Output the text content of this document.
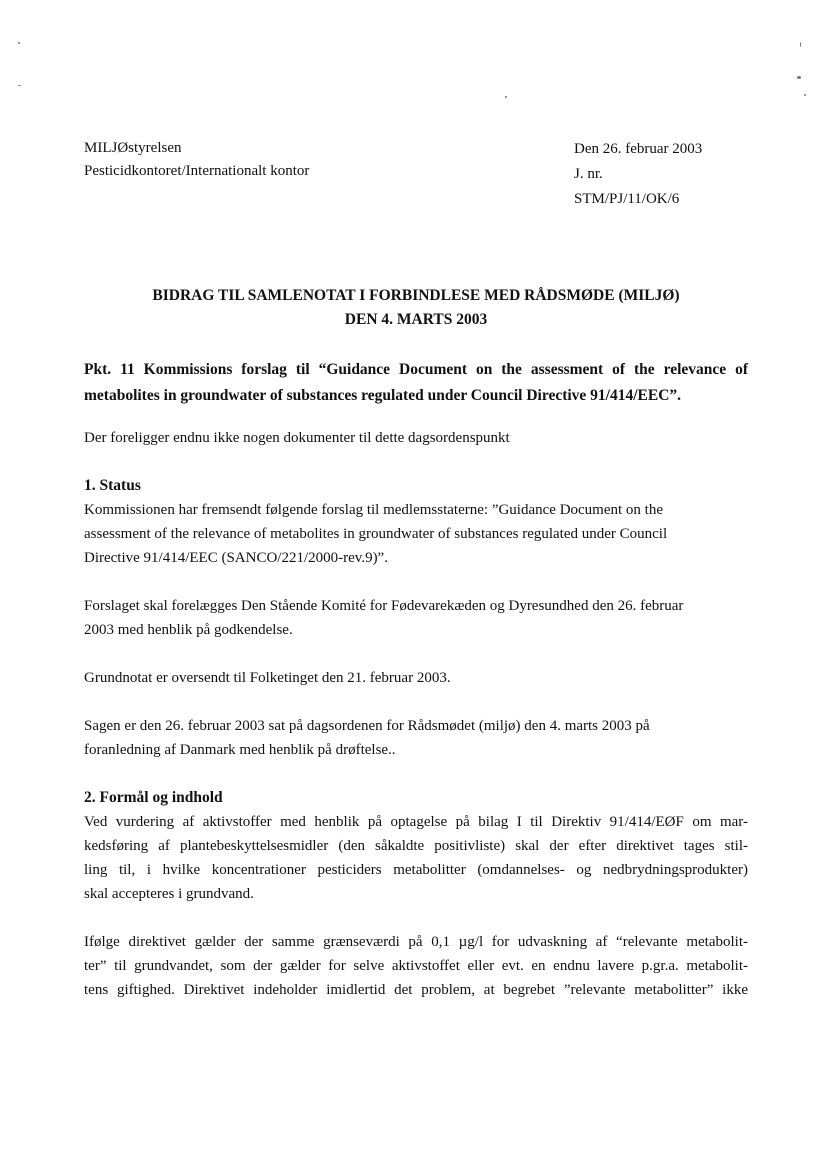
MILJØstyrelsen
Pesticidkontoret/Internationalt kontor
Den 26. februar 2003
J. nr.
STM/PJ/11/OK/6
BIDRAG TIL SAMLENOTAT I FORBINDLESE MED RÅDSMØDE (MILJØ)
DEN 4. MARTS 2003
Pkt. 11 Kommissions forslag til “Guidance Document on the assessment of the relevance of
metabolites in groundwater of substances regulated under Council Directive 91/414/EEC”.
Der foreligger endnu ikke nogen dokumenter til dette dagsordenspunkt
1. Status
Kommissionen har fremsendt følgende forslag til medlemsstaterne: ”Guidance Document on the
assessment of the relevance of metabolites in groundwater of substances regulated under Council
Directive 91/414/EEC (SANCO/221/2000-rev.9)”.
Forslaget skal forelægges Den Stående Komité for Fødevarekæden og Dyresundhed den 26. februar
2003 med henblik på godkendelse.
Grundnotat er oversendt til Folketinget den 21. februar 2003.
Sagen er den 26. februar 2003 sat på dagsordenen for Rådsmødet (miljø) den 4. marts 2003 på
foranledning af Danmark med henblik på drøftelse..
2. Formål og indhold
Ved vurdering af aktivstoffer med henblik på optagelse på bilag I til Direktiv 91/414/EØF om mar-
kedsføring af plantebeskyttelsesmidler (den såkaldte positivliste) skal der efter direktivet tages stil-
ling til, i hvilke koncentrationer pesticiders metabolitter (omdannelses- og nedbrydningsprodukter)
skal accepteres i grundvand.
Ifølge direktivet gælder der samme grænseværdi på 0,1 µg/l for udvaskning af “relevante metabolit-
ter” til grundvandet, som der gælder for selve aktivstoffet eller evt. en endnu lavere p.gr.a. metabolit-
tens giftighed. Direktivet indeholder imidlertid det problem, at begrebet ”relevante metabolitter” ikke
